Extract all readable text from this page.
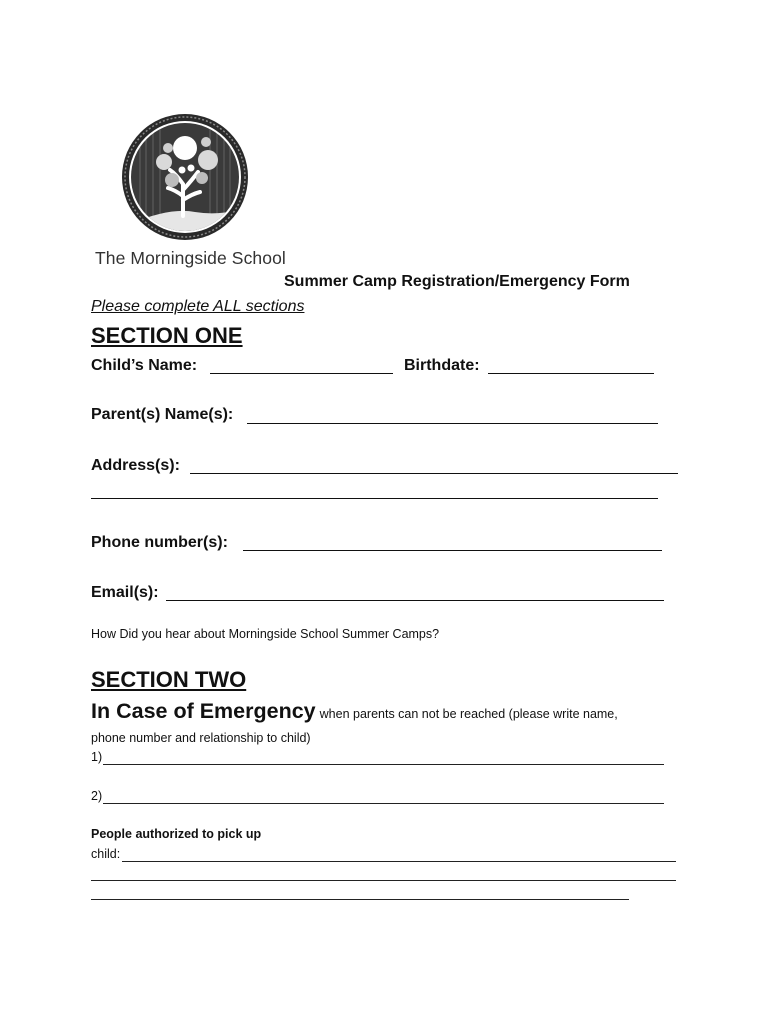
The Morningside School
Summer Camp Registration/Emergency Form
Please complete ALL sections
SECTION ONE
Child’s Name:	Birthdate:
Parent(s) Name(s):
Address(s):
Phone number(s):
Email(s):
How Did you hear about Morningside School Summer Camps?
SECTION TWO
In Case of Emergency when parents can not be reached (please write name,
phone number and relationship to child)
1)
2)
People authorized to pick up
child:
